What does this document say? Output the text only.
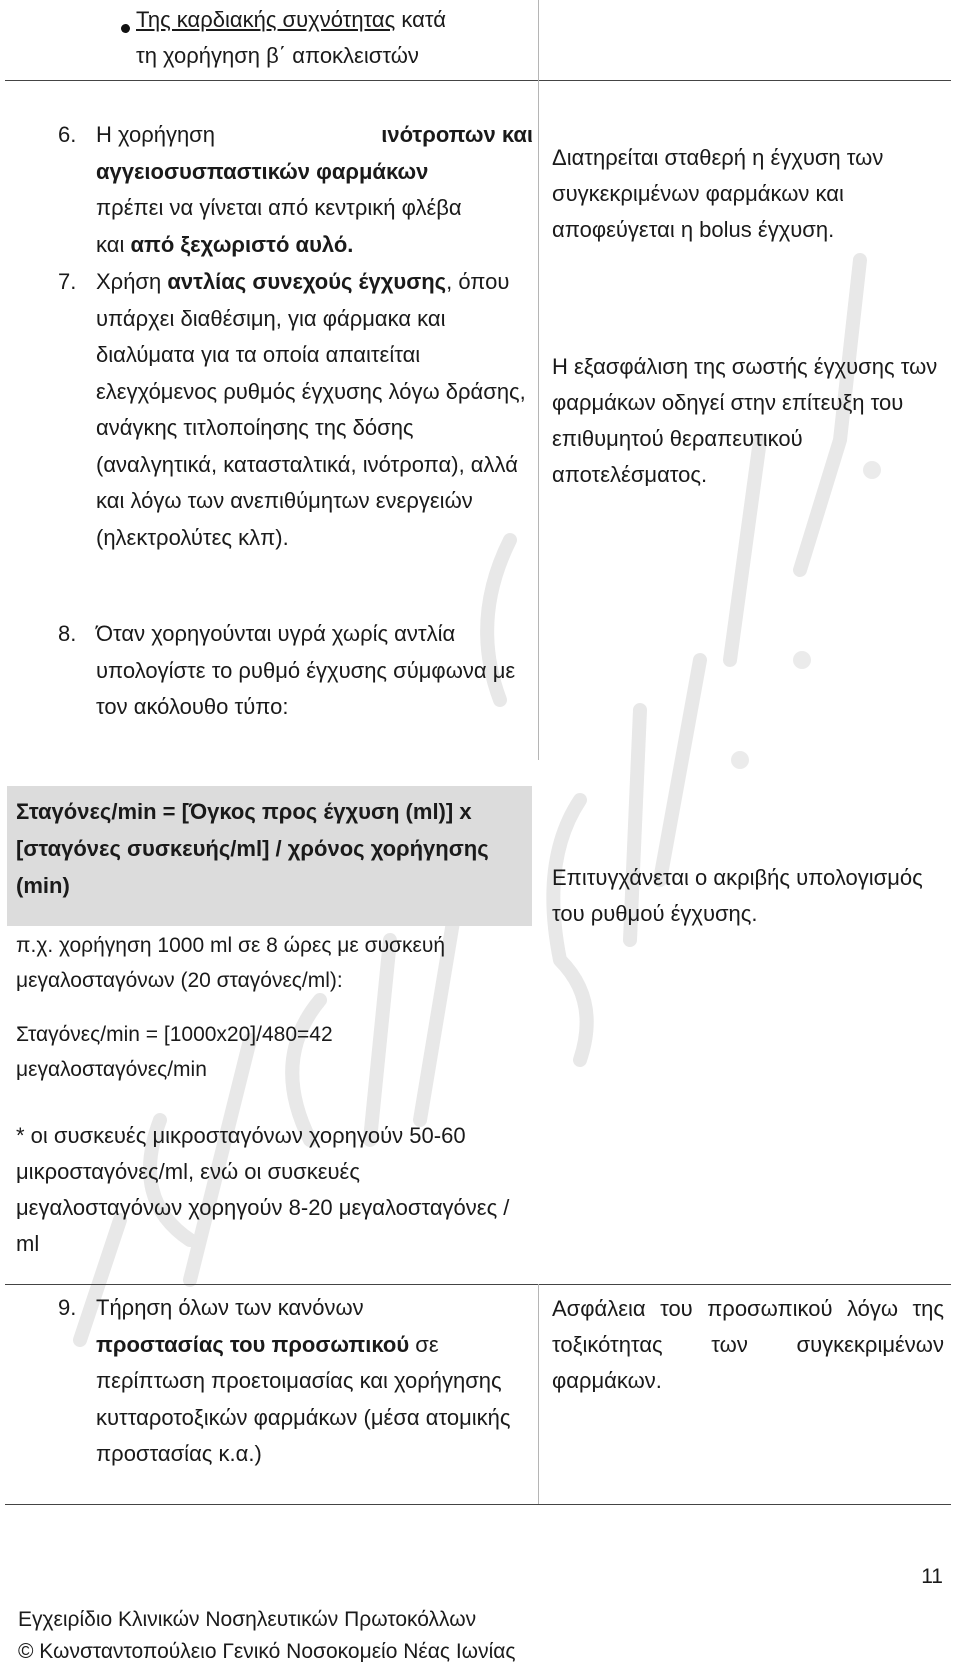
Της καρδιακής συχνότητας κατά
τη χορήγηση β΄ αποκλειστών
6. Η χορήγηση	ινότροπων και
αγγειοσυσπαστικών φαρμάκων
πρέπει να γίνεται από κεντρική φλέβα
και από ξεχωριστό αυλό.
Διατηρείται σταθερή η έγχυση των συγκεκριμένων φαρμάκων και αποφεύγεται η bolus έγχυση.
7. Χρήση αντλίας συνεχούς έγχυσης, όπου υπάρχει διαθέσιμη, για φάρμακα και διαλύματα για τα οποία απαιτείται ελεγχόμενος ρυθμός έγχυσης λόγω δράσης, ανάγκης τιτλοποίησης της δόσης (αναλγητικά, κατασταλτικά, ινότροπα), αλλά και λόγω των ανεπιθύμητων ενεργειών (ηλεκτρολύτες κλπ).
Η εξασφάλιση της σωστής έγχυσης των φαρμάκων οδηγεί στην επίτευξη του επιθυμητού θεραπευτικού αποτελέσματος.
8. Όταν χορηγούνται υγρά χωρίς αντλία υπολογίστε το ρυθμό έγχυσης σύμφωνα με τον ακόλουθο τύπο:
Σταγόνες/min = [Όγκος προς έγχυση (ml)] x [σταγόνες συσκευής/ml] / χρόνος χορήγησης (min)
π.χ. χορήγηση 1000 ml σε 8 ώρες με συσκευή μεγαλοσταγόνων (20 σταγόνες/ml):
Επιτυγχάνεται ο ακριβής υπολογισμός του ρυθμού έγχυσης.
Σταγόνες/min = [1000x20]/480=42 μεγαλοσταγόνες/min
* οι συσκευές μικροσταγόνων χορηγούν 50-60 μικροσταγόνες/ml, ενώ οι συσκευές μεγαλοσταγόνων χορηγούν 8-20 μεγαλοσταγόνες / ml
9. Τήρηση όλων των κανόνων
προστασίας του προσωπικού σε
περίπτωση προετοιμασίας και χορήγησης κυτταροτοξικών φαρμάκων (μέσα ατομικής προστασίας κ.α.)
Ασφάλεια του προσωπικού λόγω της τοξικότητας των συγκεκριμένων φαρμάκων.
11
Εγχειρίδιο Κλινικών Νοσηλευτικών Πρωτοκόλλων
© Κωνσταντοπούλειο Γενικό Νοσοκομείο Νέας Ιωνίας
